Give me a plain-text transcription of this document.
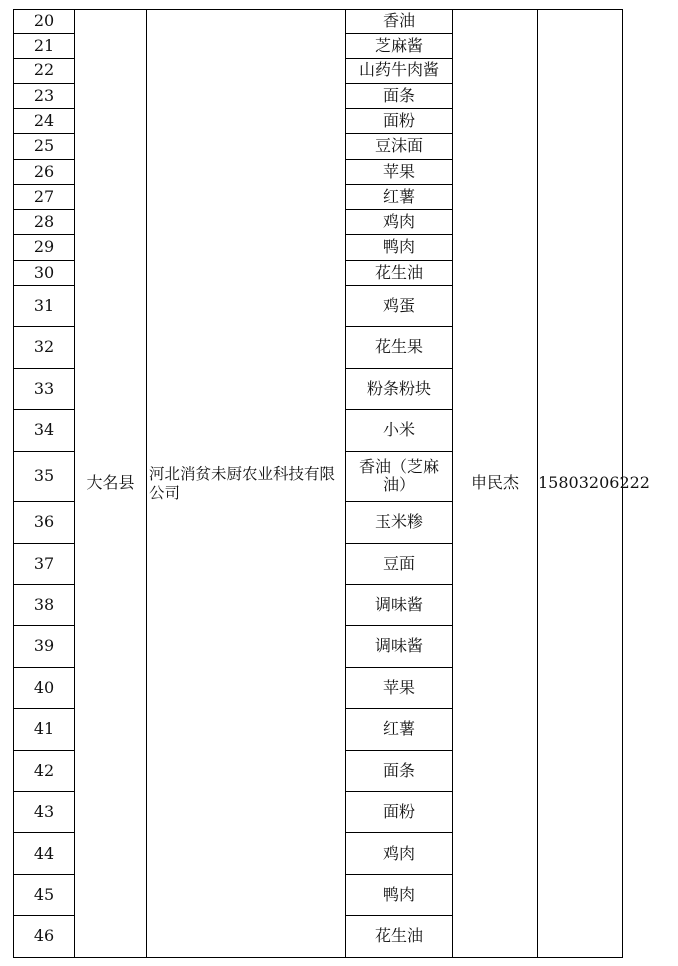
20	大名县	河北消贫未厨农业科技有限公司	香油	申民杰	15803206222
21			芝麻酱		
22			山药牛肉酱		
23			面条		
24			面粉		
25			豆沫面		
26			苹果		
27			红薯		
28			鸡肉		
29			鸭肉		
30			花生油		
31			鸡蛋		
32			花生果		
33			粉条粉块		
34			小米		
35			香油（芝麻油）		
36			玉米糁		
37			豆面		
38			调味酱		
39			调味酱		
40			苹果		
41			红薯		
42			面条		
43			面粉		
44			鸡肉		
45			鸭肉		
46			花生油		
